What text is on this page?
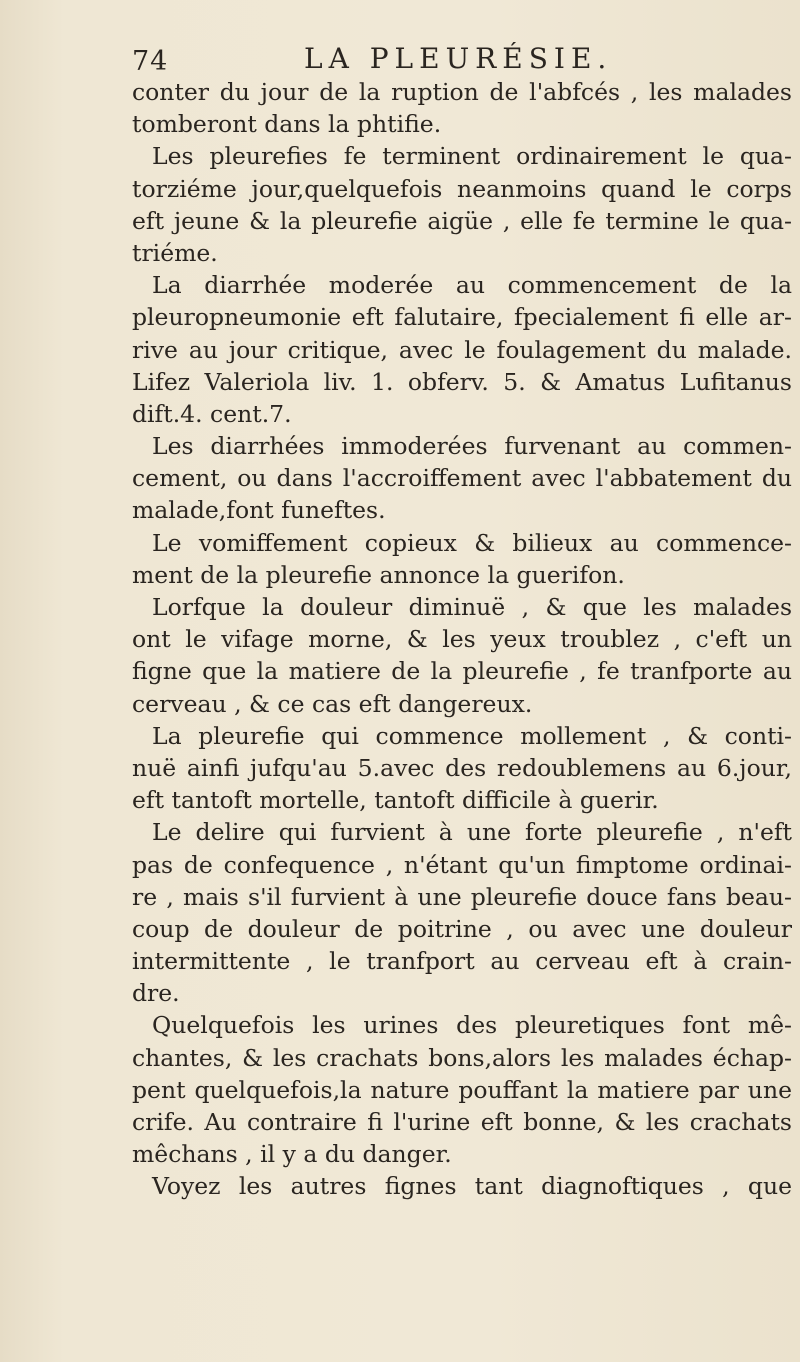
74	LA PLEURÉSIE.
conter du jour de la ruption de l'abfcés , les malades
tomberont dans la phtifie.
Les pleurefies fe terminent ordinairement le qua-
torziéme jour,quelquefois neanmoins quand le corps
eft jeune & la pleurefie aigüe , elle fe termine le qua-
triéme.
La diarrhée moderée au commencement de la
pleuropneumonie eft falutaire, fpecialement fi elle ar-
rive au jour critique, avec le foulagement du malade.
Lifez Valeriola liv. 1. obferv. 5. & Amatus Lufitanus
dift.4. cent.7.
Les diarrhées immoderées furvenant au commen-
cement, ou dans l'accroiffement avec l'abbatement du
malade,font funeftes.
Le vomiffement copieux & bilieux au commence-
ment de la pleurefie annonce la guerifon.
Lorfque la douleur diminuë , & que les malades
ont le vifage morne, & les yeux troublez , c'eft un
figne que la matiere de la pleurefie , fe tranfporte au
cerveau , & ce cas eft dangereux.
La pleurefie qui commence mollement , & conti-
nuë ainfi jufqu'au 5.avec des redoublemens au 6.jour,
eft tantoft mortelle, tantoft difficile à guerir.
Le delire qui furvient à une forte pleurefie , n'eft
pas de confequence , n'étant qu'un fimptome ordinai-
re , mais s'il furvient à une pleurefie douce fans beau-
coup de douleur de poitrine , ou avec une douleur
intermittente , le tranfport au cerveau eft à crain-
dre.
Quelquefois les urines des pleuretiques font mê-
chantes, & les crachats bons,alors les malades échap-
pent quelquefois,la nature pouffant la matiere par une
crife. Au contraire fi l'urine eft bonne, & les crachats
mêchans , il y a du danger.
Voyez les autres fignes tant diagnoftiques , que
